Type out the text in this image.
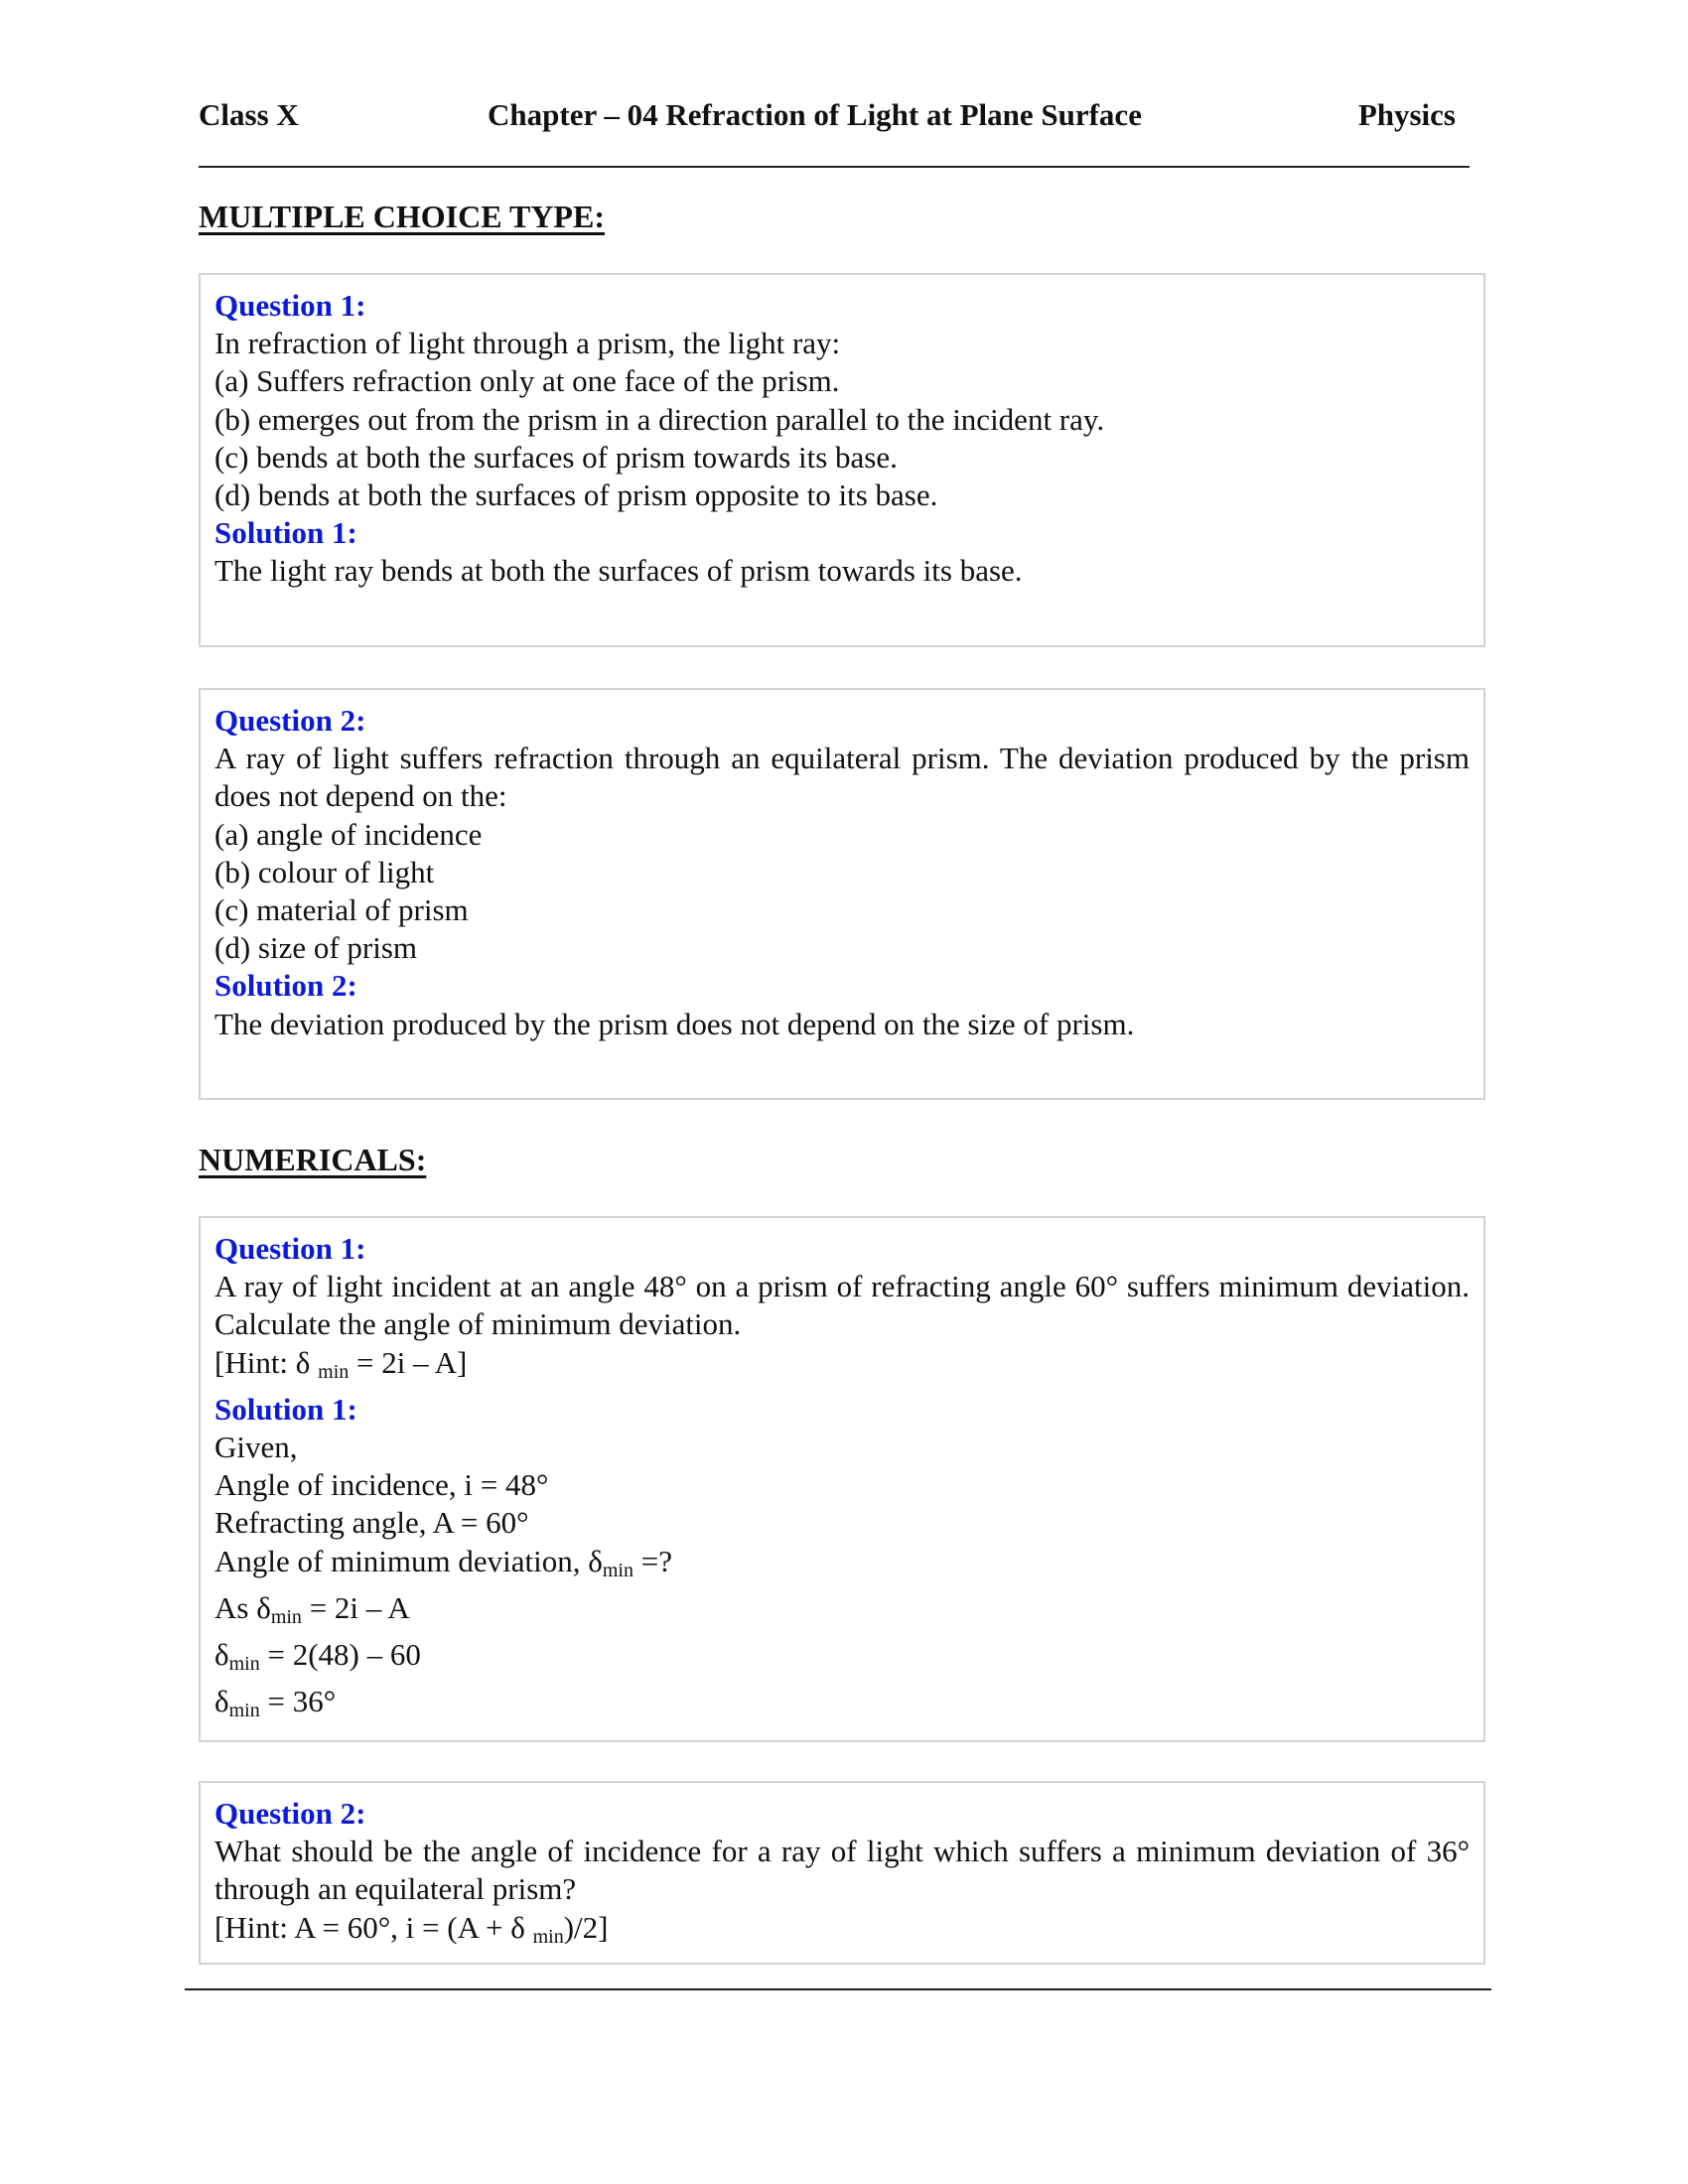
Class X	Chapter – 04 Refraction of Light at Plane Surface	Physics
MULTIPLE CHOICE TYPE:

Question 1:

In refraction of light through a prism, the light ray:

(a) Suffers refraction only at one face of the prism.

(b) emerges out from the prism in a direction parallel to the incident ray.

(c) bends at both the surfaces of prism towards its base.

(d) bends at both the surfaces of prism opposite to its base.

Solution 1:

The light ray bends at both the surfaces of prism towards its base.

Question 2:

A ray of light suffers refraction through an equilateral prism. The deviation produced by the prism does not depend on the:

(a) angle of incidence

(b) colour of light

(c) material of prism

(d) size of prism

Solution 2:

The deviation produced by the prism does not depend on the size of prism.

NUMERICALS:

Question 1:

A ray of light incident at an angle 48° on a prism of refracting angle 60° suffers minimum deviation. Calculate the angle of minimum deviation.

[Hint: δ $_{min}$ = 2i – A]

Solution 1:

Given,

Angle of incidence, i = 48°

Refracting angle, A = 60°

Angle of minimum deviation, $\delta_{min}$ =?

As $\delta_{min} = 2i - A$

$\delta_{min} = 2(48) - 60$

$\delta_{min} = 36^\circ$

Question 2:

What should be the angle of incidence for a ray of light which suffers a minimum deviation of 36° through an equilateral prism?

[Hint: A = 60°, i = (A + δ $_{min}$)/2]
